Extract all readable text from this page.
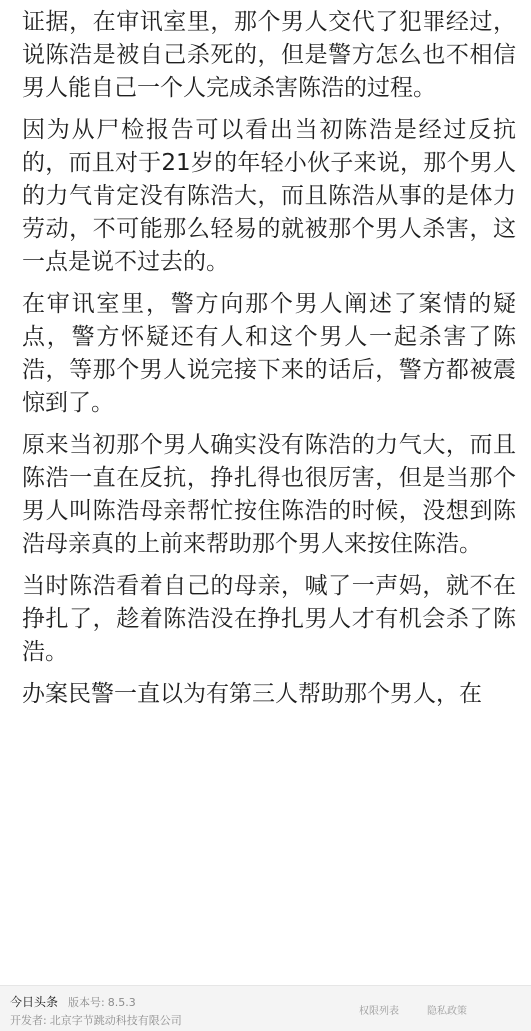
证据，在审讯室里，那个男人交代了犯罪经过，说陈浩是被自己杀死的，但是警方怎么也不相信男人能自己一个人完成杀害陈浩的过程。

因为从尸检报告可以看出当初陈浩是经过反抗的，而且对于21岁的年轻小伙子来说，那个男人的力气肯定没有陈浩大，而且陈浩从事的是体力劳动，不可能那么轻易的就被那个男人杀害，这一点是说不过去的。

在审讯室里，警方向那个男人阐述了案情的疑点，警方怀疑还有人和这个男人一起杀害了陈浩，等那个男人说完接下来的话后，警方都被震惊到了。

原来当初那个男人确实没有陈浩的力气大，而且陈浩一直在反抗，挣扎得也很厉害，但是当那个男人叫陈浩母亲帮忙按住陈浩的时候，没想到陈浩母亲真的上前来帮助那个男人来按住陈浩。

当时陈浩看着自己的母亲，喊了一声妈，就不在挣扎了，趁着陈浩没在挣扎男人才有机会杀了陈浩。

办案民警一直以为有第三人帮助那个男人，在

今日头条 版本号: 8.5.3
开发者: 北京字节跳动科技有限公司
权限列表	隐私政策
